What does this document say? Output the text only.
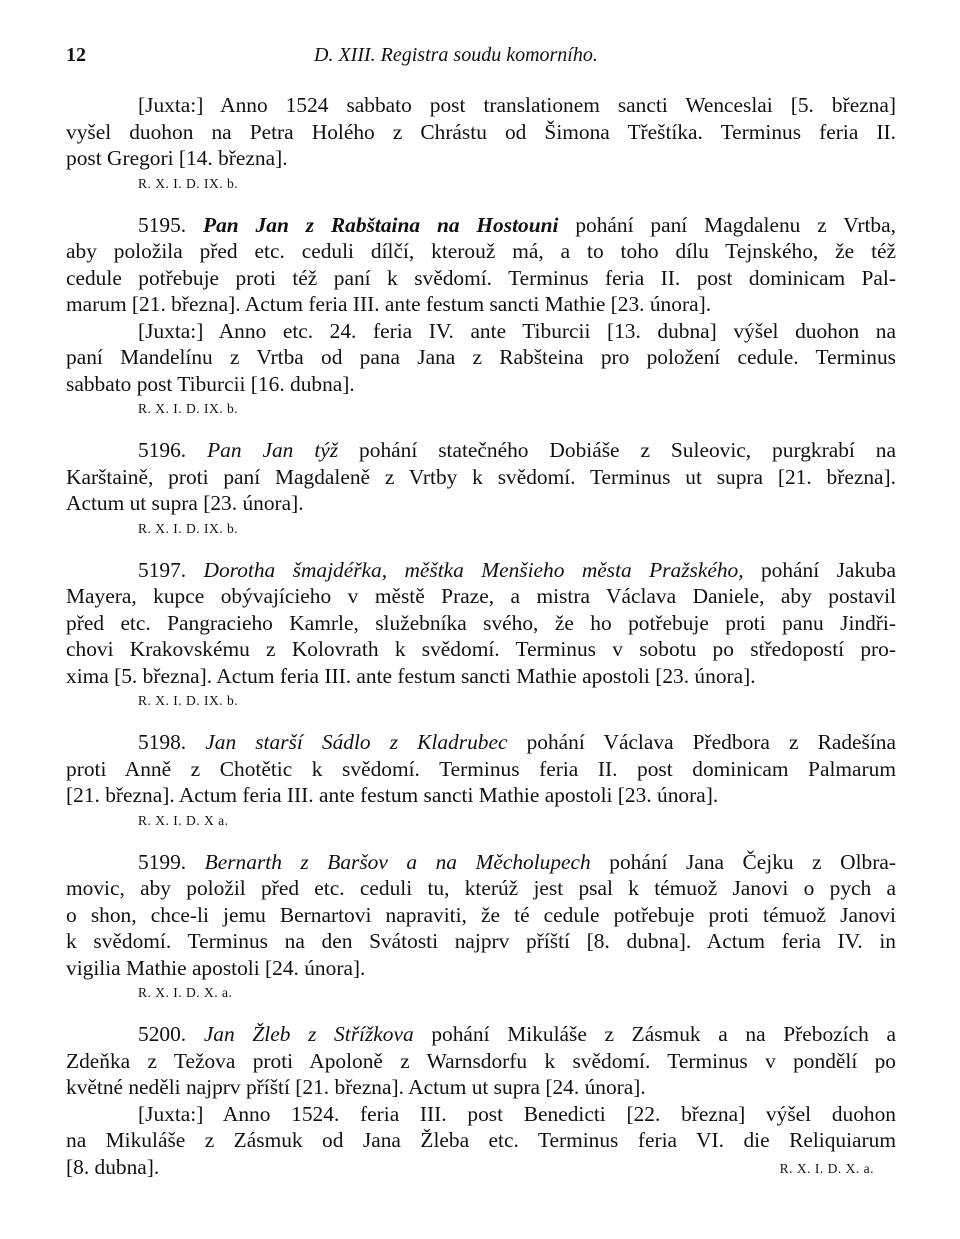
12	D. XIII. Registra soudu komorního.
[Juxta:] Anno 1524 sabbato post translationem sancti Wenceslai [5. března]
vyšel duohon na Petra Holého z Chrástu od Šimona Třeštíka. Terminus feria II.
post Gregori [14. března].
R. X. I. D. IX. b.
5195. Pan Jan z Rabštaina na Hostouni pohání paní Magdalenu z Vrtba,
aby položila před etc. ceduli dílčí, kterouž má, a to toho dílu Tejnského, že též
cedule potřebuje proti též paní k svědomí. Terminus feria II. post dominicam Pal-
marum [21. března]. Actum feria III. ante festum sancti Mathie [23. února].
[Juxta:] Anno etc. 24. feria IV. ante Tiburcii [13. dubna] výšel duohon na
paní Mandelínu z Vrtba od pana Jana z Rabšteina pro položení cedule. Terminus
sabbato post Tiburcii [16. dubna].
R. X. I. D. IX. b.
5196. Pan Jan týž pohání statečného Dobiáše z Suleovic, purgkrabí na
Karštaině, proti paní Magdaleně z Vrtby k svědomí. Terminus ut supra [21. března].
Actum ut supra [23. února].
R. X. I. D. IX. b.
5197. Dorotha šmajdéřka, měštka Menšieho města Pražského, pohání Jakuba
Mayera, kupce obývajícieho v městě Praze, a mistra Václava Daniele, aby postavil
před etc. Pangracieho Kamrle, služebníka svého, že ho potřebuje proti panu Jindři-
chovi Krakovskému z Kolovrath k svědomí. Terminus v sobotu po středopostí pro-
xima [5. března]. Actum feria III. ante festum sancti Mathie apostoli [23. února].
R. X. I. D. IX. b.
5198. Jan starší Sádlo z Kladrubec pohání Václava Předbora z Radešína
proti Anně z Chotětic k svědomí. Terminus feria II. post dominicam Palmarum
[21. března]. Actum feria III. ante festum sancti Mathie apostoli [23. února].
R. X. I. D. X a.
5199. Bernarth z Baršov a na Měcholupech pohání Jana Čejku z Olbra-
movic, aby položil před etc. ceduli tu, kterúž jest psal k témuož Janovi o pych a
o shon, chce-li jemu Bernartovi napraviti, že té cedule potřebuje proti témuož Janovi
k svědomí. Terminus na den Svátosti najprv příští [8. dubna]. Actum feria IV. in
vigilia Mathie apostoli [24. února].
R. X. I. D. X. a.
5200. Jan Žleb z Střížkova pohání Mikuláše z Zásmuk a na Přebozích a
Zdeňka z Težova proti Apoloně z Warnsdorfu k svědomí. Terminus v pondělí po
květné neděli najprv příští [21. března]. Actum ut supra [24. února].
[Juxta:] Anno 1524. feria III. post Benedicti [22. března] výšel duohon
na Mikuláše z Zásmuk od Jana Žleba etc. Terminus feria VI. die Reliquiarum
[8. dubna].	R. X. I. D. X. a.
